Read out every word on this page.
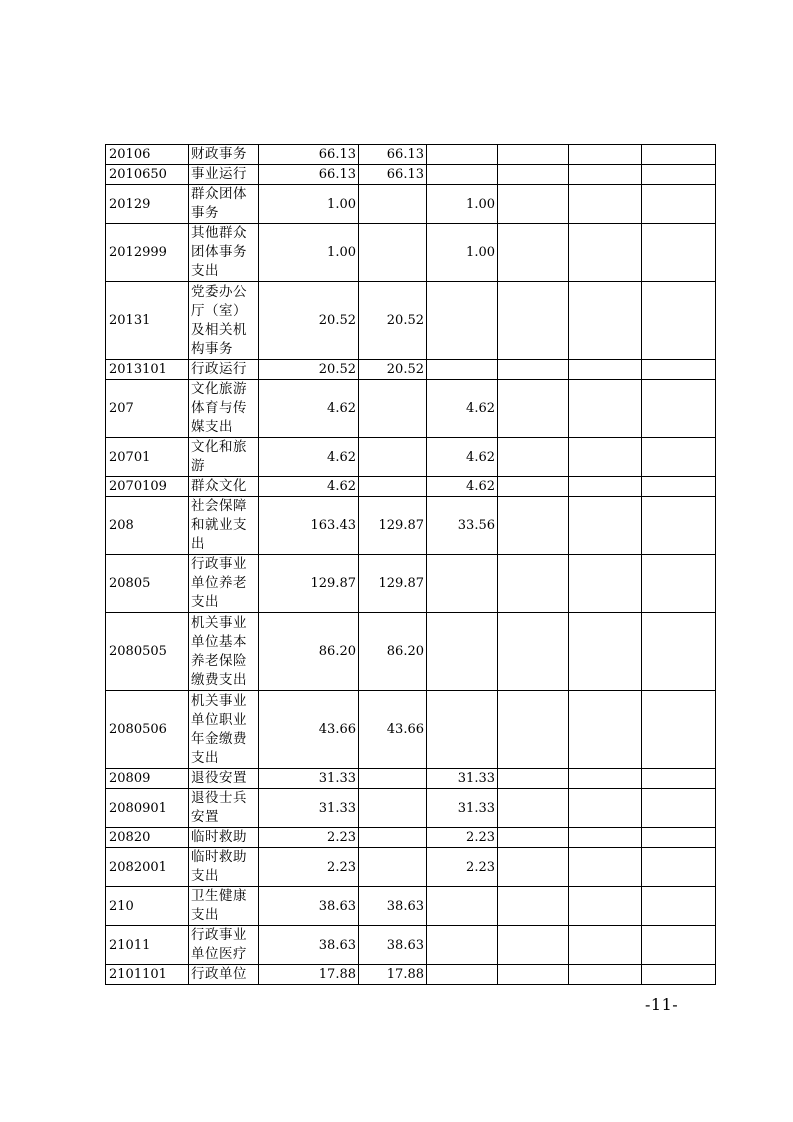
20106	财政事务	66.13	66.13				
2010650	事业运行	66.13	66.13				
20129	群众团体事务	1.00		1.00			
2012999	其他群众团体事务支出	1.00		1.00			
20131	党委办公厅（室）及相关机构事务	20.52	20.52				
2013101	行政运行	20.52	20.52				
207	文化旅游体育与传媒支出	4.62		4.62			
20701	文化和旅游	4.62		4.62			
2070109	群众文化	4.62		4.62			
208	社会保障和就业支出	163.43	129.87	33.56			
20805	行政事业单位养老支出	129.87	129.87				
2080505	机关事业单位基本养老保险缴费支出	86.20	86.20				
2080506	机关事业单位职业年金缴费支出	43.66	43.66				
20809	退役安置	31.33		31.33			
2080901	退役士兵安置	31.33		31.33			
20820	临时救助	2.23		2.23			
2082001	临时救助支出	2.23		2.23			
210	卫生健康支出	38.63	38.63				
21011	行政事业单位医疗	38.63	38.63				
2101101	行政单位	17.88	17.88				
-11-
